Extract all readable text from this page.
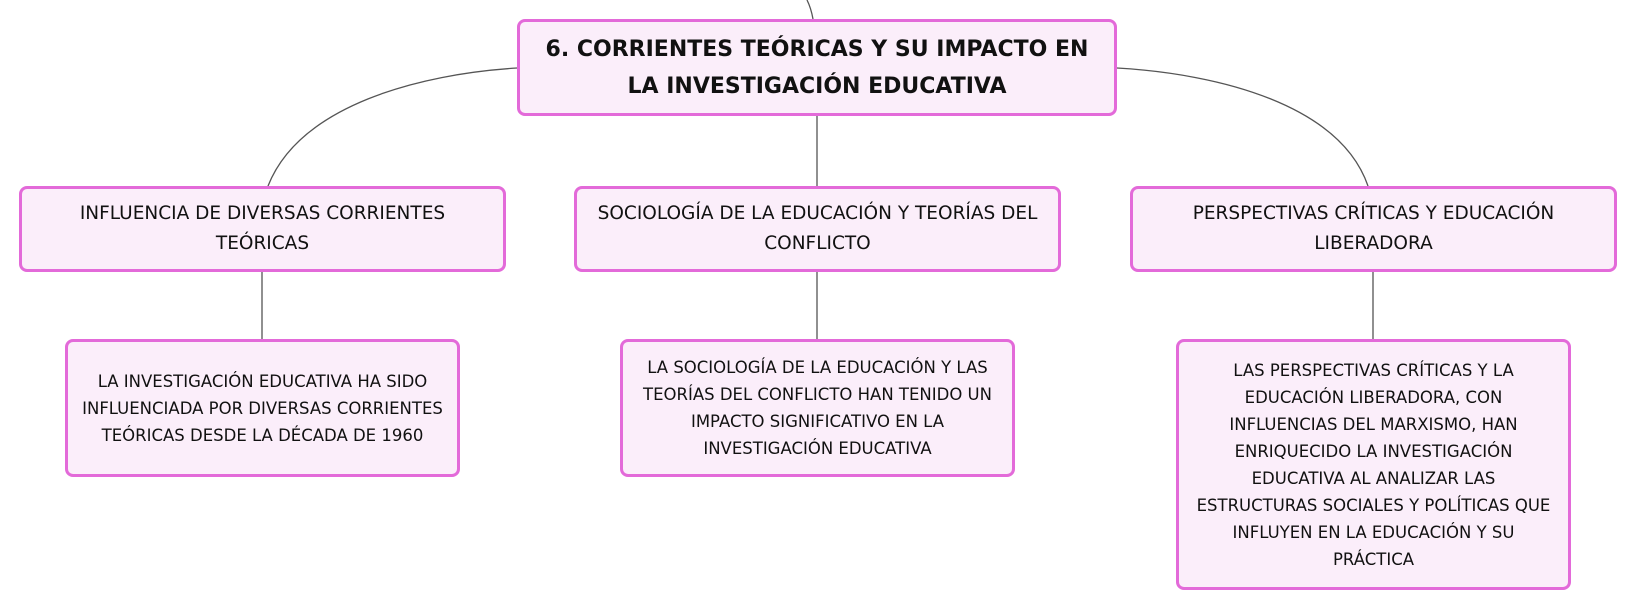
6. CORRIENTES TEÓRICAS Y SU IMPACTO EN LA INVESTIGACIÓN EDUCATIVA
INFLUENCIA DE DIVERSAS CORRIENTES TEÓRICAS
SOCIOLOGÍA DE LA EDUCACIÓN Y TEORÍAS DEL CONFLICTO
PERSPECTIVAS CRÍTICAS Y EDUCACIÓN LIBERADORA
LA INVESTIGACIÓN EDUCATIVA HA SIDO INFLUENCIADA POR DIVERSAS CORRIENTES TEÓRICAS DESDE LA DÉCADA DE 1960
LA SOCIOLOGÍA DE LA EDUCACIÓN Y LAS TEORÍAS DEL CONFLICTO HAN TENIDO UN IMPACTO SIGNIFICATIVO EN LA INVESTIGACIÓN EDUCATIVA
LAS PERSPECTIVAS CRÍTICAS Y LA EDUCACIÓN LIBERADORA, CON INFLUENCIAS DEL MARXISMO, HAN ENRIQUECIDO LA INVESTIGACIÓN EDUCATIVA AL ANALIZAR LAS ESTRUCTURAS SOCIALES Y POLÍTICAS QUE INFLUYEN EN LA EDUCACIÓN Y SU PRÁCTICA
